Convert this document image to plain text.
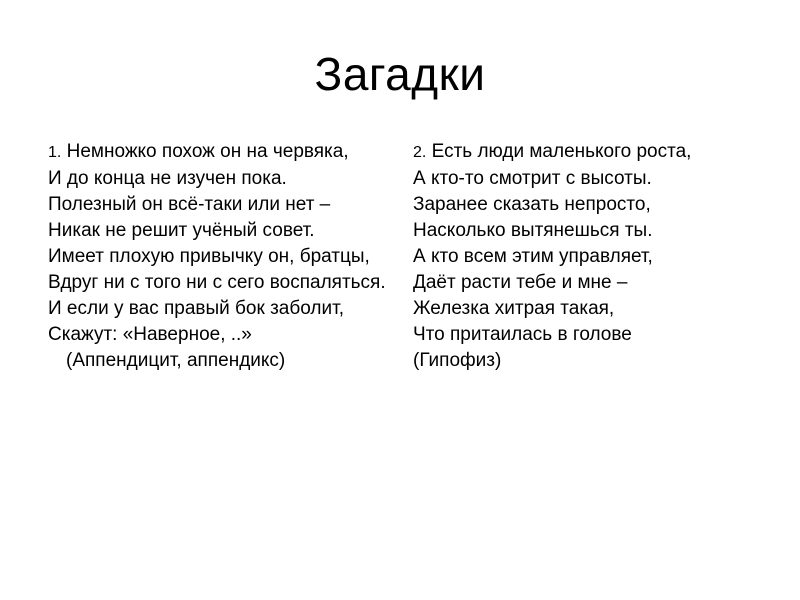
Загадки
1. Немножко похож он на червяка,
И до конца не изучен пока.
Полезный он всё-таки или нет –
Никак не решит учёный совет.
Имеет плохую привычку он, братцы,
Вдруг ни с того ни с сего воспаляться.
И если у вас правый бок заболит,
Скажут: «Наверное, ..»
(Аппендицит, аппендикс)
2. Есть люди маленького роста,
А кто-то смотрит с высоты.
Заранее сказать непросто,
Насколько вытянешься ты.
А кто всем этим управляет,
Даёт расти тебе и мне –
Железка хитрая такая,
Что притаилась в голове
(Гипофиз)
